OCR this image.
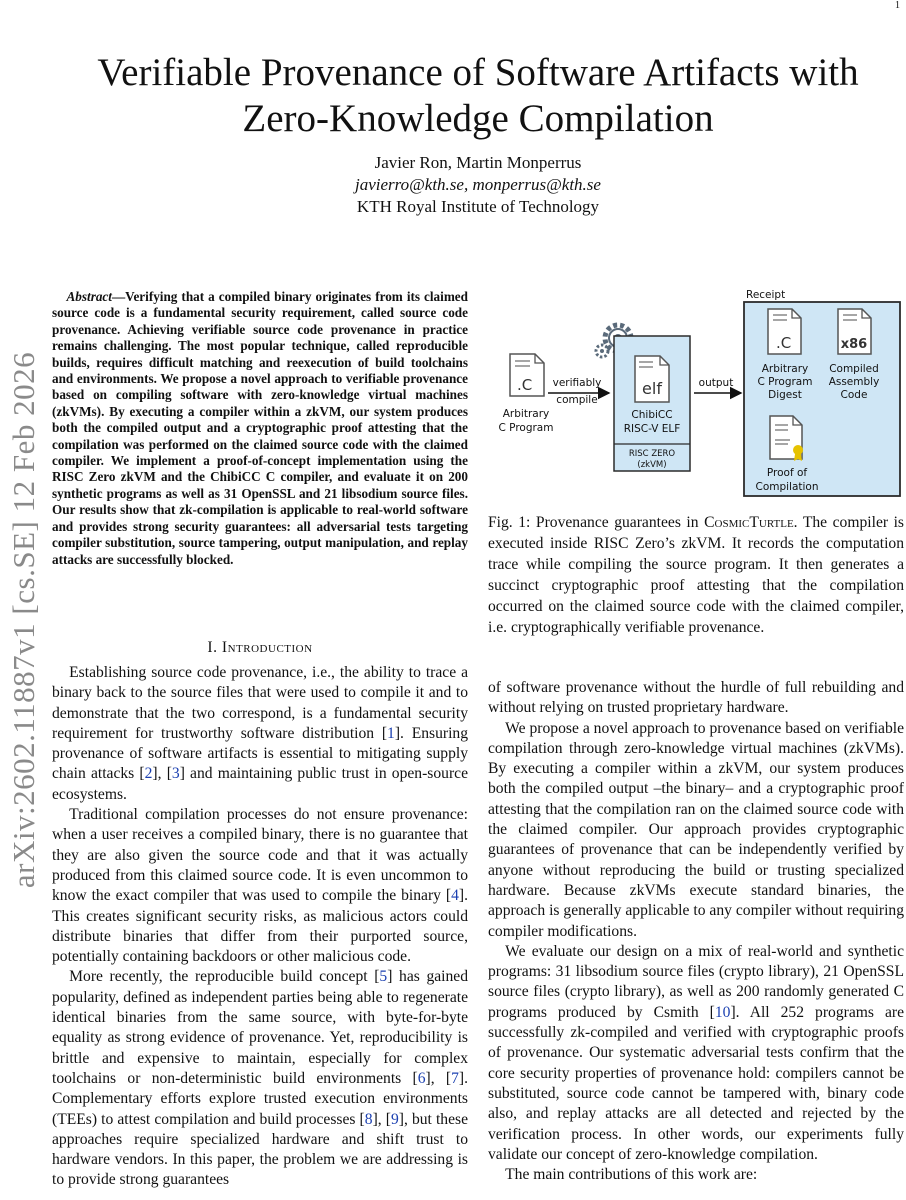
1
arXiv:2602.11887v1 [cs.SE] 12 Feb 2026
Verifiable Provenance of Software Artifacts with
Zero-Knowledge Compilation
Javier Ron, Martin Monperrus
javierro@kth.se, monperrus@kth.se
KTH Royal Institute of Technology

Abstract—Verifying that a compiled binary originates from its claimed source code is a fundamental security requirement, called source code provenance. Achieving verifiable source code provenance in practice remains challenging. The most popular technique, called reproducible builds, requires difficult matching and reexecution of build toolchains and environments. We propose a novel approach to verifiable provenance based on compiling software with zero-knowledge virtual machines (zkVMs). By executing a compiler within a zkVM, our system produces both the compiled output and a cryptographic proof attesting that the compilation was performed on the claimed source code with the claimed compiler. We implement a proof-of-concept implementation using the RISC Zero zkVM and the ChibiCC C compiler, and evaluate it on 200 synthetic programs as well as 31 OpenSSL and 21 libsodium source files. Our results show that zk-compilation is applicable to real-world software and provides strong security guarantees: all adversarial tests targeting compiler substitution, source tampering, output manipulation, and replay attacks are successfully blocked.

I. Introduction

Establishing source code provenance, i.e., the ability to trace a binary back to the source files that were used to compile it and to demonstrate that the two correspond, is a fundamental security requirement for trustworthy software distribution [1]. Ensuring provenance of software artifacts is essential to mitigating supply chain attacks [2], [3] and maintaining public trust in open-source ecosystems.

Traditional compilation processes do not ensure provenance: when a user receives a compiled binary, there is no guarantee that they are also given the source code and that it was actually produced from this claimed source code. It is even uncommon to know the exact compiler that was used to compile the binary [4]. This creates significant security risks, as malicious actors could distribute binaries that differ from their purported source, potentially containing backdoors or other malicious code.

More recently, the reproducible build concept [5] has gained popularity, defined as independent parties being able to regenerate identical binaries from the same source, with byte-for-byte equality as strong evidence of provenance. Yet, reproducibility is brittle and expensive to maintain, especially for complex toolchains or non-deterministic build environments [6], [7]. Complementary efforts explore trusted execution environments (TEEs) to attest compilation and build processes [8], [9], but these approaches require specialized hardware and shift trust to hardware vendors. In this paper, the problem we are addressing is to provide strong guarantees

Receipt
.C
Arbitrary
C Program
verifiably
compile
elf
ChibiCC
RISC-V ELF
RISC ZERO
(zkVM)
output
.C
Arbitrary
C Program
Digest
x86
Compiled
Assembly
Code
Proof of
Compilation
Fig. 1: Provenance guarantees in CosmicTurtle. The compiler is executed inside RISC Zero’s zkVM. It records the computation trace while compiling the source program. It then generates a succinct cryptographic proof attesting that the compilation occurred on the claimed source code with the claimed compiler, i.e. cryptographically verifiable provenance.

of software provenance without the hurdle of full rebuilding and without relying on trusted proprietary hardware.

We propose a novel approach to provenance based on verifiable compilation through zero-knowledge virtual machines (zkVMs). By executing a compiler within a zkVM, our system produces both the compiled output –the binary– and a cryptographic proof attesting that the compilation ran on the claimed source code with the claimed compiler. Our approach provides cryptographic guarantees of provenance that can be independently verified by anyone without reproducing the build or trusting specialized hardware. Because zkVMs execute standard binaries, the approach is generally applicable to any compiler without requiring compiler modifications.

We evaluate our design on a mix of real-world and synthetic programs: 31 libsodium source files (crypto library), 21 OpenSSL source files (crypto library), as well as 200 randomly generated C programs produced by Csmith [10]. All 252 programs are successfully zk-compiled and verified with cryptographic proofs of provenance. Our systematic adversarial tests confirm that the core security properties of provenance hold: compilers cannot be substituted, source code cannot be tampered with, binary code also, and replay attacks are all detected and rejected by the verification process. In other words, our experiments fully validate our concept of zero-knowledge compilation.

The main contributions of this work are:
